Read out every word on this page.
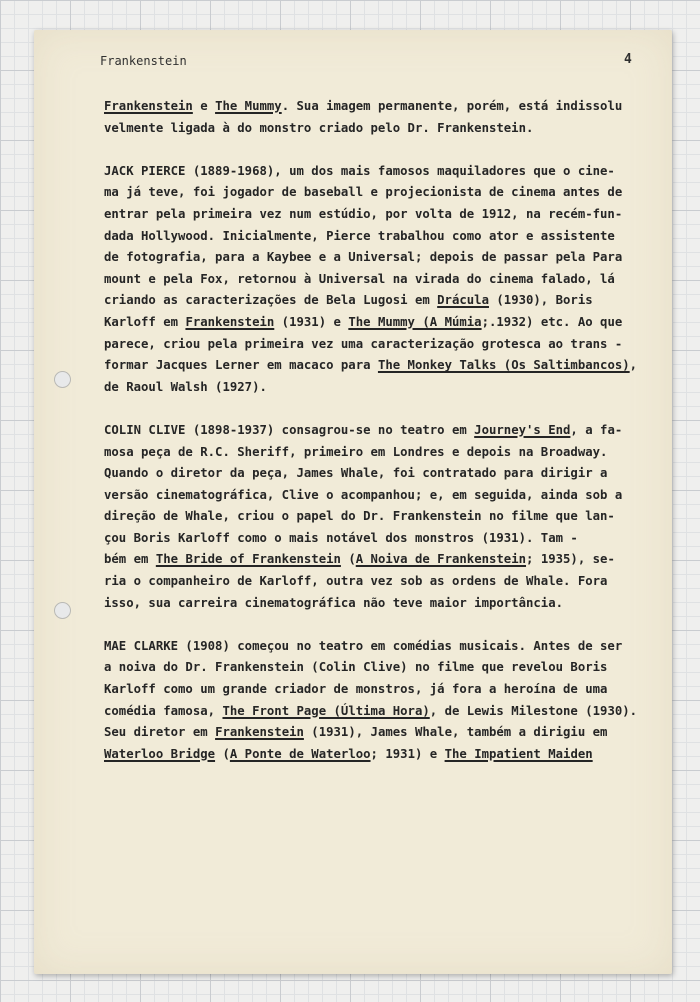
Frankenstein	4
Frankenstein e The Mummy. Sua imagem permanente, porém, está indissolu
velmente ligada à do monstro criado pelo Dr. Frankenstein.
JACK PIERCE (1889-1968), um dos mais famosos maquiladores que o cine-
ma já teve, foi jogador de baseball e projecionista de cinema antes de
entrar pela primeira vez num estúdio, por volta de 1912, na recém-fun-
dada Hollywood. Inicialmente, Pierce trabalhou como ator e assistente
de fotografia, para a Kaybee e a Universal; depois de passar pela Para
mount e pela Fox, retornou à Universal na virada do cinema falado, lá
criando as caracterizações de Bela Lugosi em Drácula (1930), Boris
Karloff em Frankenstein (1931) e The Mummy (A Múmia;.1932) etc. Ao que
parece, criou pela primeira vez uma caracterização grotesca ao trans -
formar Jacques Lerner em macaco para The Monkey Talks (Os Saltimbancos),
de Raoul Walsh (1927).
COLIN CLIVE (1898-1937) consagrou-se no teatro em Journey's End, a fa-
mosa peça de R.C. Sheriff, primeiro em Londres e depois na Broadway.
Quando o diretor da peça, James Whale, foi contratado para dirigir a
versão cinematográfica, Clive o acompanhou; e, em seguida, ainda sob a
direção de Whale, criou o papel do Dr. Frankenstein no filme que lan-
çou Boris Karloff como o mais notável dos monstros (1931). Tam -
bém em The Bride of Frankenstein (A Noiva de Frankenstein; 1935), se-
ria o companheiro de Karloff, outra vez sob as ordens de Whale. Fora
isso, sua carreira cinematográfica não teve maior importância.
MAE CLARKE (1908) começou no teatro em comédias musicais. Antes de ser
a noiva do Dr. Frankenstein (Colin Clive) no filme que revelou Boris
Karloff como um grande criador de monstros, já fora a heroína de uma
comédia famosa, The Front Page (Última Hora), de Lewis Milestone (1930).
Seu diretor em Frankenstein (1931), James Whale, também a dirigiu em
Waterloo Bridge (A Ponte de Waterloo; 1931) e The Impatient Maiden
